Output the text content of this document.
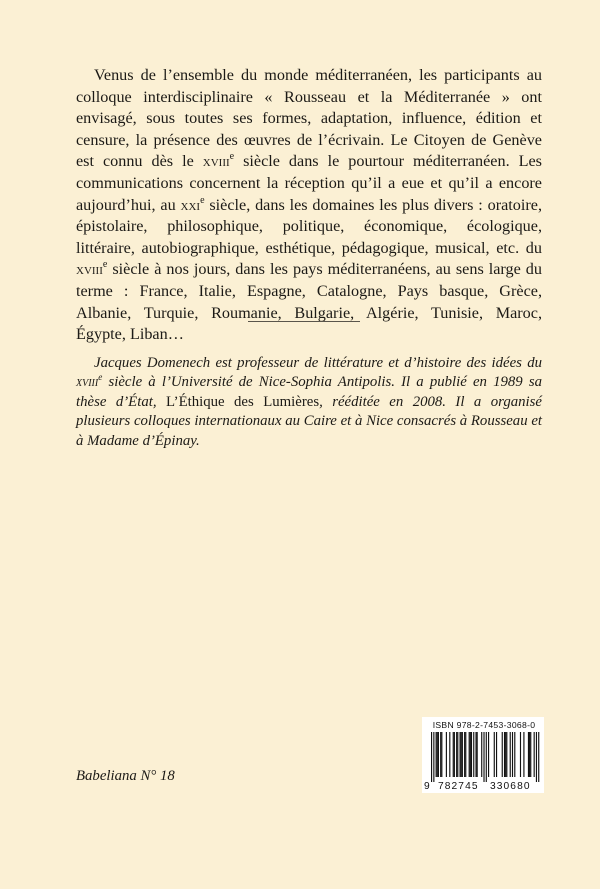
Venus de l’ensemble du monde méditerranéen, les participants au colloque interdisciplinaire « Rousseau et la Méditerranée » ont envisagé, sous toutes ses formes, adaptation, influence, édition et censure, la présence des œuvres de l’écrivain. Le Citoyen de Genève est connu dès le xviii$^e$ siècle dans le pourtour méditerranéen. Les communications concernent la réception qu’il a eue et qu’il a encore aujourd’hui, au xxi$^e$ siècle, dans les domaines les plus divers : oratoire, épistolaire, philosophique, politique, économique, écologique, littéraire, autobiographique, esthétique, pédagogique, musical, etc. du xviii$^e$ siècle à nos jours, dans les pays méditerranéens, au sens large du terme : France, Italie, Espagne, Catalogne, Pays basque, Grèce, Albanie, Turquie, Roumanie, Bulgarie, Algérie, Tunisie, Maroc, Égypte, Liban…

Jacques Domenech est professeur de littérature et d’histoire des idées du xviii$^e$ siècle à l’Université de Nice-Sophia Antipolis. Il a publié en 1989 sa thèse d’État, L’Éthique des Lumières, rééditée en 2008. Il a organisé plusieurs colloques internationaux au Caire et à Nice consacrés à Rousseau et à Madame d’Épinay.

Babeliana N° 18
ISBN 978-2-7453-3068-0
9 782745 330680
